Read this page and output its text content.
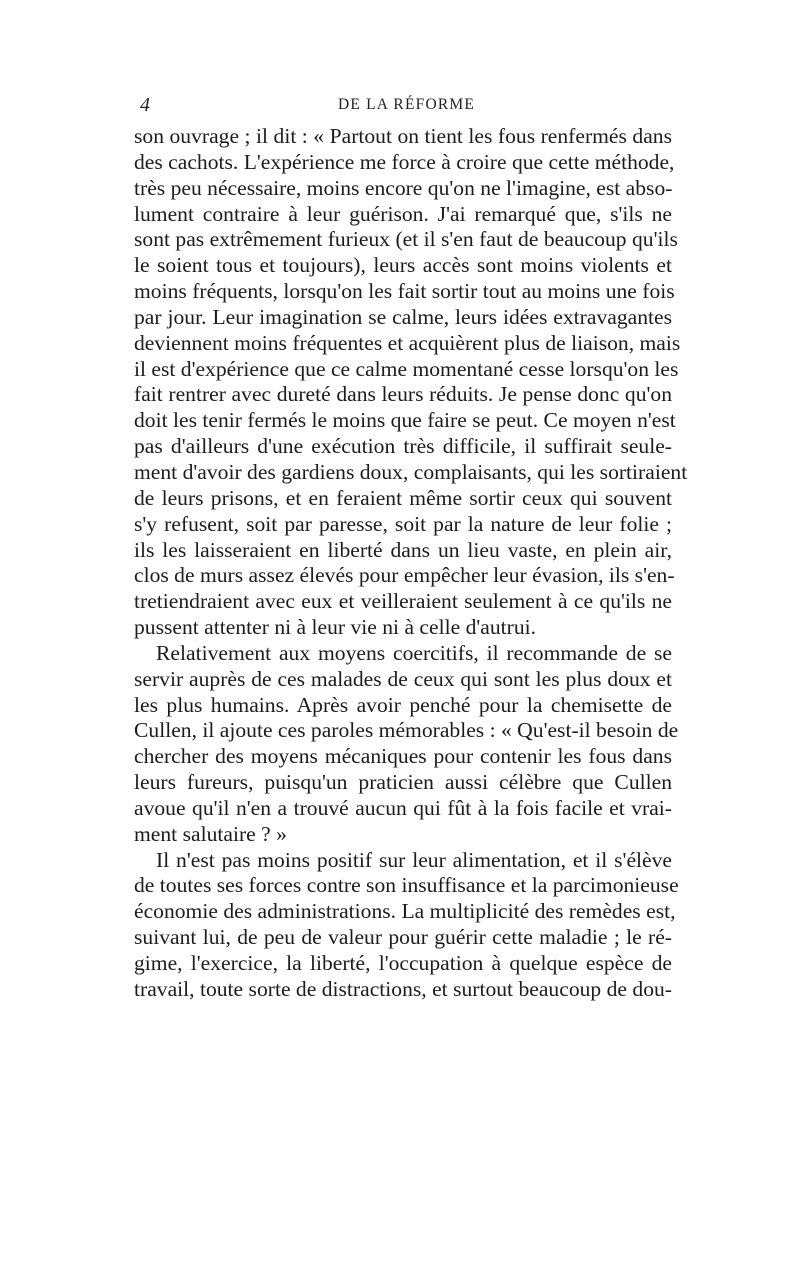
4	DE LA RÉFORME
son ouvrage ; il dit : « Partout on tient les fous renfermés dans
des cachots. L'expérience me force à croire que cette méthode,
très peu nécessaire, moins encore qu'on ne l'imagine, est abso-
lument contraire à leur guérison. J'ai remarqué que, s'ils ne
sont pas extrêmement furieux (et il s'en faut de beaucoup qu'ils
le soient tous et toujours), leurs accès sont moins violents et
moins fréquents, lorsqu'on les fait sortir tout au moins une fois
par jour. Leur imagination se calme, leurs idées extravagantes
deviennent moins fréquentes et acquièrent plus de liaison, mais
il est d'expérience que ce calme momentané cesse lorsqu'on les
fait rentrer avec dureté dans leurs réduits. Je pense donc qu'on
doit les tenir fermés le moins que faire se peut. Ce moyen n'est
pas d'ailleurs d'une exécution très difficile, il suffirait seule-
ment d'avoir des gardiens doux, complaisants, qui les sortiraient
de leurs prisons, et en feraient même sortir ceux qui souvent
s'y refusent, soit par paresse, soit par la nature de leur folie ;
ils les laisseraient en liberté dans un lieu vaste, en plein air,
clos de murs assez élevés pour empêcher leur évasion, ils s'en-
tretiendraient avec eux et veilleraient seulement à ce qu'ils ne
pussent attenter ni à leur vie ni à celle d'autrui.
Relativement aux moyens coercitifs, il recommande de se
servir auprès de ces malades de ceux qui sont les plus doux et
les plus humains. Après avoir penché pour la chemisette de
Cullen, il ajoute ces paroles mémorables : « Qu'est-il besoin de
chercher des moyens mécaniques pour contenir les fous dans
leurs fureurs, puisqu'un praticien aussi célèbre que Cullen
avoue qu'il n'en a trouvé aucun qui fût à la fois facile et vrai-
ment salutaire ? »
Il n'est pas moins positif sur leur alimentation, et il s'élève
de toutes ses forces contre son insuffisance et la parcimonieuse
économie des administrations. La multiplicité des remèdes est,
suivant lui, de peu de valeur pour guérir cette maladie ; le ré-
gime, l'exercice, la liberté, l'occupation à quelque espèce de
travail, toute sorte de distractions, et surtout beaucoup de dou-
